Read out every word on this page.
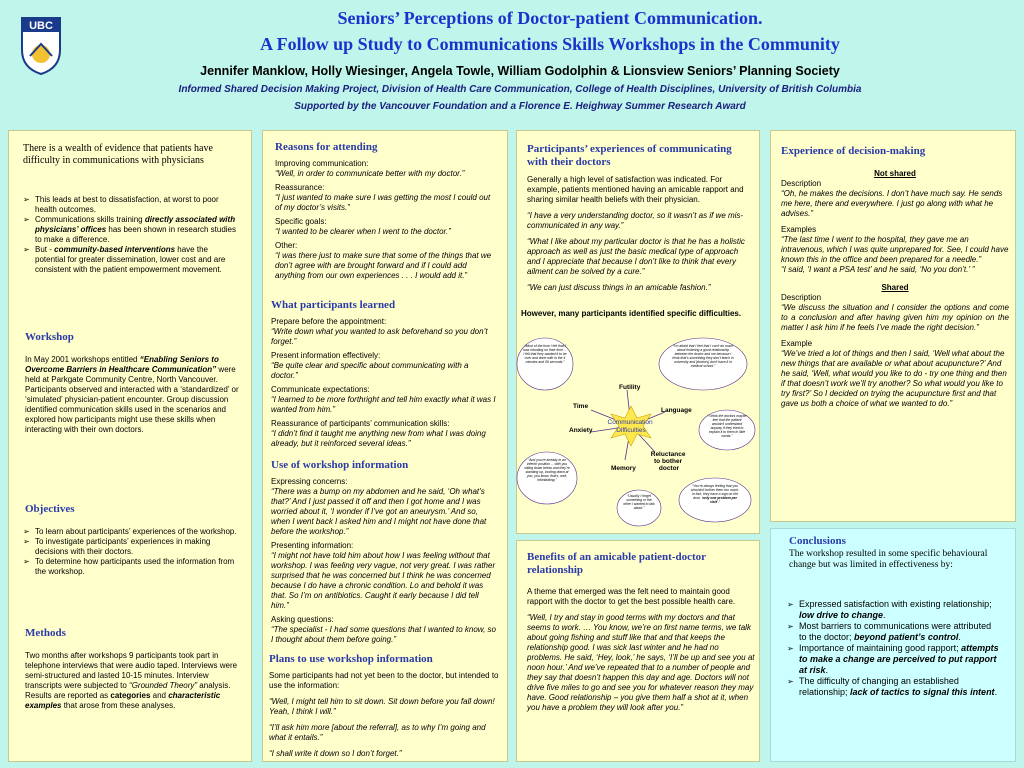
UBC	Seniors’ Perceptions of Doctor-patient Communication.
A Follow up Study to Communications Skills Workshops in the Community
Jennifer Manklow, Holly Wiesinger, Angela Towle, William Godolphin & Lionsview Seniors’ Planning Society
Informed Shared Decision Making Project, Division of Health Care Communication, College of Health Disciplines, University of British Columbia
Supported by the Vancouver Foundation and a Florence E. Heighway Summer Research Award
There is a wealth of evidence that patients have difficulty in communications with physicians
➢ This leads at best to dissatisfaction, at worst to poor health outcomes.
➢ Communications skills training directly associated with physicians’ offices has been shown in research studies to make a difference.
➢ But - community-based interventions have the potential for greater dissemination, lower cost and are consistent with the patient empowerment movement.
Workshop
In May 2001 workshops entitled “Enabling Seniors to Overcome Barriers in Healthcare Communication” were held at Parkgate Community Centre, North Vancouver. Participants observed and interacted with a ‘standardized’ or ‘simulated’ physician-patient encounter. Group discussion identified communication skills used in the scenarios and explored how participants might use these skills when interacting with their own doctors.
Objectives
➢ To learn about participants’ experiences of the workshop.
➢ To investigate participants’ experiences in making decisions with their doctors.
➢ To determine how participants used the information from the workshop.
Methods
Two months after workshops 9 participants took part in telephone interviews that were audio taped. Interviews were semi-structured and lasted 10-15 minutes. Interview transcripts were subjected to “Grounded Theory” analysis.
Results are reported as categories and characteristic examples that arose from these analyses.
Reasons for attending

Improving communication:

“Well, in order to communicate better with my doctor.”

Reassurance:

“I just wanted to make sure I was getting the most I could out of my doctor’s visits.”

Specific goals:

“I wanted to be clearer when I went to the doctor.”

Other:

“I was there just to make sure that some of the things that we don’t agree with are brought forward and if I could add anything from our own experiences . . . I would add it.”

What participants learned

Prepare before the appointment:

“Write down what you wanted to ask beforehand so you don’t forget.”

Present information effectively:

“Be quite clear and specific about communicating with a doctor.”

Communicate expectations:

“I learned to be more forthright and tell him exactly what it was I wanted from him.”

Reassurance of participants’ communication skills:

“I didn’t find it taught me anything new from what I was doing already, but it reinforced several ideas.”

Use of workshop information

Expressing concerns:

“There was a bump on my abdomen and he said, ‘Oh what’s that?’ And I just passed it off and then I got home and I was worried about it, ‘I wonder if I’ve got an aneurysm.’ And so, when I went back I asked him and I might not have done that before the workshop.”

Presenting information:

“I might not have told him about how I was feeling without that workshop. I was feeling very vague, not very great. I was rather surprised that he was concerned but I think he was concerned because I do have a chronic condition. Lo and behold it was that. So I’m on antibiotics. Caught it early because I did tell him.”

Asking questions:

“The specialist - I had some questions that I wanted to know, so I thought about them before going.”

Plans to use workshop information

Some participants had not yet been to the doctor, but intended to use the information:

“Well, I might tell him to sit down. Sit down before you fall down! Yeah, I think I will.”

“I’ll ask him more [about the referral], as to why I’m going and what it entails.”

“I shall write it down so I don’t forget.”

Participants’ experiences of communicating with their doctors

Generally a high level of satisfaction was indicated. For example, patients mentioned having an amicable rapport and sharing similar health beliefs with their physician.

“I have a very understanding doctor, so it wasn’t as if we mis-communicated in any way.”

“What I like about my particular doctor is that he has a holistic approach as well as just the basic medical type of approach and I appreciate that because I don’t like to think that every ailment can be solved by a cure.”

“We can just discuss things in an amicable fashion.”

However, many participants identified specific difficulties.
Communication Difficulties
Futility
Time
Language
Anxiety
Memory
Reluctance to bother doctor
“Most of the time I felt that I was intruding on their time ... I felt that they wanted it to be over and done with in the 4 minutes and 59 seconds.”
“I’m afraid that I feel that I can’t do much about fostering a good relationship between the doctor and me because I think that’s something they don’t teach in university and [doctors] don’t have it in medical school.”
“I think the doctors maybe feel that the patient wouldn’t understand anyway if they tried to explain it to them in little words.”
“And you’re already in an inferior position ... with you sitting down below and they’re standing up, looking down at you, you know, that’s, well, intimidating.”
“Usually I forget something or the other I wanted to talk about.”
“You’re always feeling that you shouldn’t bother them too much. In fact, they have a sign on the door, ‘only one problem per visit’.”
Benefits of an amicable patient-doctor relationship

A theme that emerged was the felt need to maintain good rapport with the doctor to get the best possible health care.

“Well, I try and stay in good terms with my doctors and that seems to work. … You know, we’re on first name terms, we talk about going fishing and stuff like that and that keeps the relationship good. I was sick last winter and he had no problems. He said, ‘Hey, look,’ he says, ‘I’ll be up and see you at noon hour.’ And we’ve repeated that to a number of people and they say that doesn’t happen this day and age. Doctors will not drive five miles to go and see you for whatever reason they may have. Good relationship – you give them half a shot at it, when you have a problem they will look after you.”

Experience of decision-making

Not shared

Description

“Oh, he makes the decisions. I don’t have much say. He sends me here, there and everywhere. I just go along with what he advises.”

Examples

“The last time I went to the hospital, they gave me an intravenous, which I was quite unprepared for. See, I could have known this in the office and been prepared for a needle.”

“I said, ‘I want a PSA test’ and he said, ‘No you don’t.’ ”

Shared

Description

“We discuss the situation and I consider the options and come to a conclusion and after having given him my opinion on the matter I ask him if he feels I’ve made the right decision.”

Example

“We’ve tried a lot of things and then I said, ‘Well what about the new things that are available or what about acupuncture?’ And he said, ‘Well, what would you like to do - try one thing and then if that doesn’t work we’ll try another? So what would you like to try first?’ So I decided on trying the acupuncture first and that gave us both a choice of what we wanted to do.”

Conclusions
The workshop resulted in some specific behavioural change but was limited in effectiveness by:
➢ Expressed satisfaction with existing relationship; low drive to change.
➢ Most barriers to communications were attributed to the doctor; beyond patient’s control.
➢ Importance of maintaining good rapport; attempts to make a change are perceived to put rapport at risk.
➢ The difficulty of changing an established relationship; lack of tactics to signal this intent.
